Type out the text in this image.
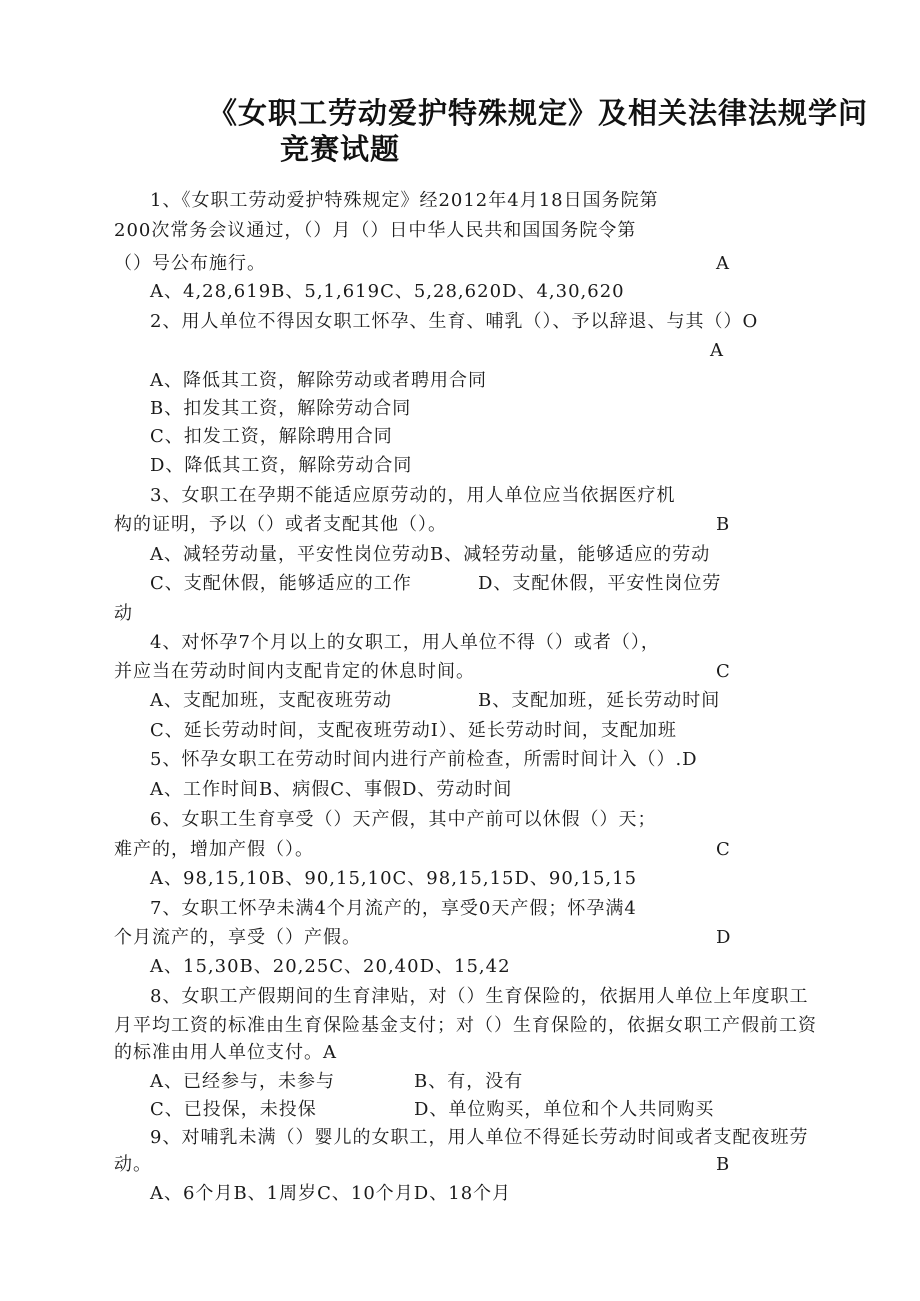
《女职工劳动爱护特殊规定》及相关法律法规学问
竞赛试题
1、《女职工劳动爱护特殊规定》经2012年4月18日国务院第
200次常务会议通过，（）月（）日中华人民共和国国务院令第
（）号公布施行。	A
A、4,28,619B、5,1,619C、5,28,620D、4,30,620
2、用人单位不得因女职工怀孕、生育、哺乳（）、予以辞退、与其（）O
A
A、降低其工资，解除劳动或者聘用合同
B、扣发其工资，解除劳动合同
C、扣发工资，解除聘用合同
D、降低其工资，解除劳动合同
3、女职工在孕期不能适应原劳动的，用人单位应当依据医疗机
构的证明，予以（）或者支配其他（）。	B
A、减轻劳动量，平安性岗位劳动B、减轻劳动量，能够适应的劳动
C、支配休假，能够适应的工作	D、支配休假，平安性岗位劳
动
4、对怀孕7个月以上的女职工，用人单位不得（）或者（），
并应当在劳动时间内支配肯定的休息时间。	C
A、支配加班，支配夜班劳动	B、支配加班，延长劳动时间
C、延长劳动时间，支配夜班劳动I）、延长劳动时间，支配加班
5、怀孕女职工在劳动时间内进行产前检查，所需时间计入（）.D
A、工作时间B、病假C、事假D、劳动时间
6、女职工生育享受（）天产假，其中产前可以休假（）天；
难产的，增加产假（）。	C
A、98,15,10B、90,15,10C、98,15,15D、90,15,15
7、女职工怀孕未满4个月流产的，享受0天产假；怀孕满4
个月流产的，享受（）产假。	D
A、15,30B、20,25C、20,40D、15,42
8、女职工产假期间的生育津贴，对（）生育保险的，依据用人单位上年度职工
月平均工资的标准由生育保险基金支付；对（）生育保险的，依据女职工产假前工资
的标准由用人单位支付。A
A、已经参与，未参与	B、有，没有
C、已投保，未投保	D、单位购买，单位和个人共同购买
9、对哺乳未满（）婴儿的女职工，用人单位不得延长劳动时间或者支配夜班劳
动。	B
A、6个月B、1周岁C、10个月D、18个月
